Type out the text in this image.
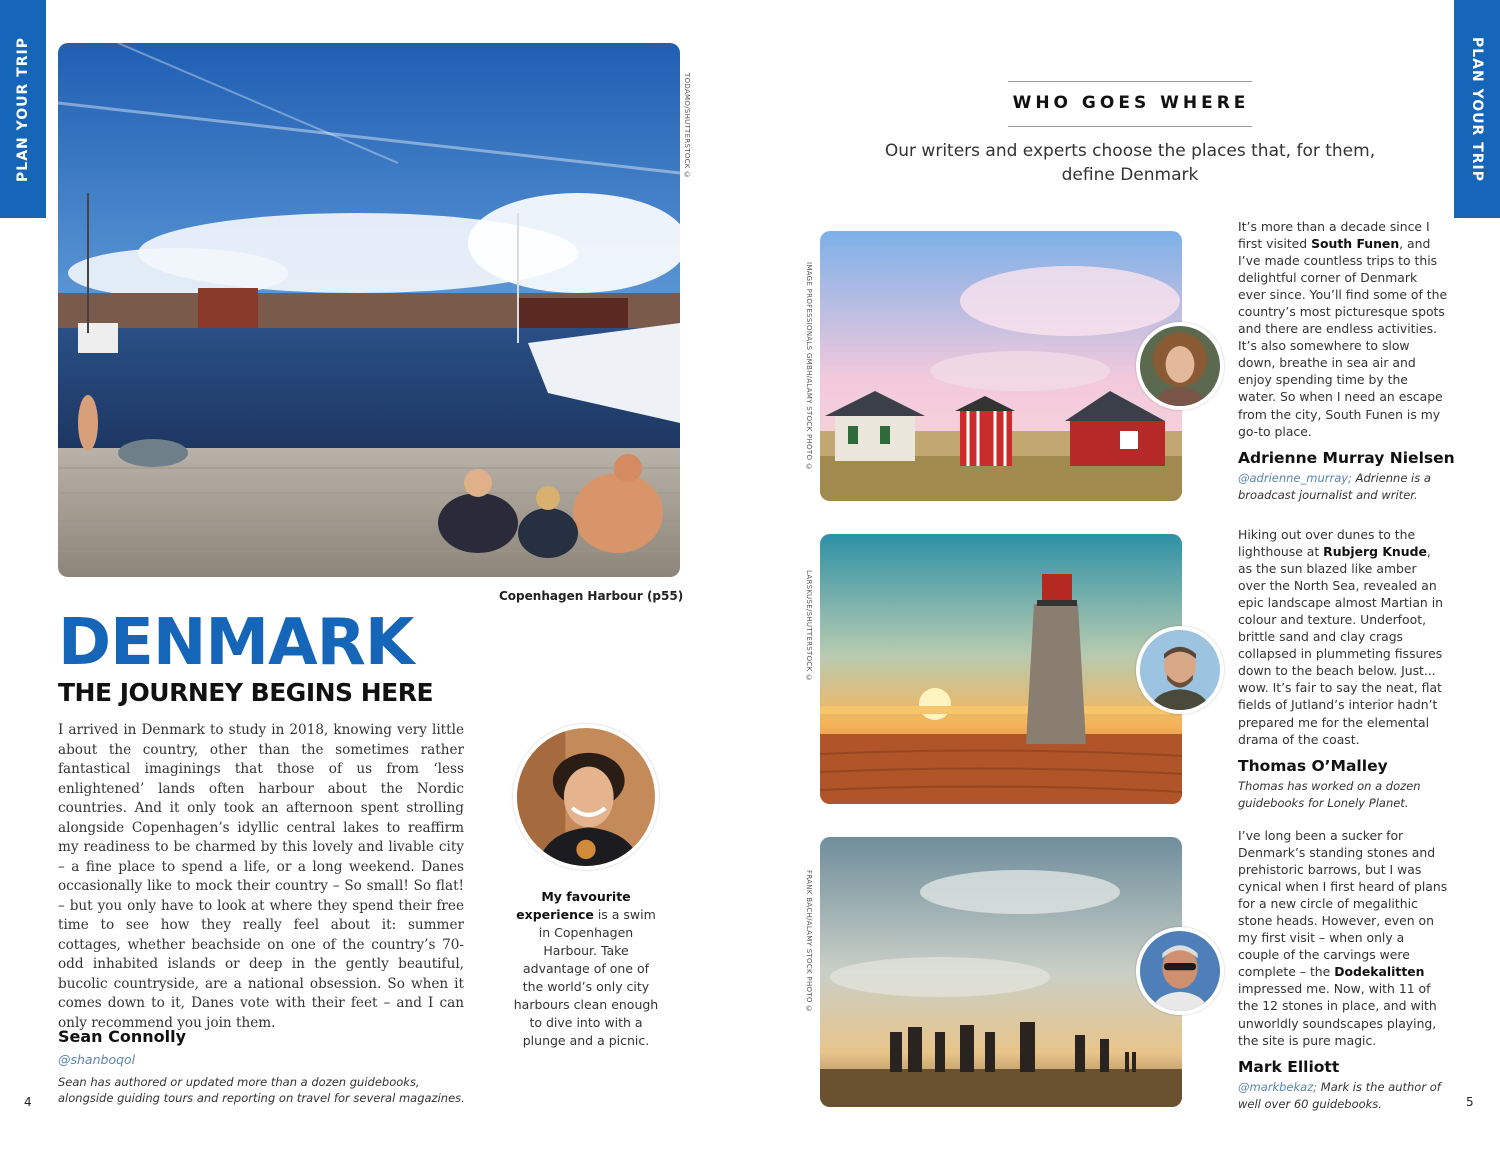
PLAN YOUR TRIP	PLAN YOUR TRIP
TODAMO/SHUTTERSTOCK ©
Copenhagen Harbour (p55)
DENMARK
THE JOURNEY BEGINS HERE
I arrived in Denmark to study in 2018, knowing very little about the country, other than the sometimes rather fantastical imaginings that those of us from ‘less enlightened’ lands often harbour about the Nordic countries. And it only took an afternoon spent strolling alongside Copenhagen’s idyllic central lakes to reaffirm my readiness to be charmed by this lovely and livable city – a fine place to spend a life, or a long weekend. Danes occasionally like to mock their country – So small! So flat! – but you only have to look at where they spend their free time to see how they really feel about it: summer cottages, whether beachside on one of the country’s 70-odd inhabited islands or deep in the gently beautiful, bucolic countryside, are a national obsession. So when it comes down to it, Danes vote with their feet – and I can only recommend you join them.
Sean Connolly
@shanboqol
Sean has authored or updated more than a dozen guidebooks,
alongside guiding tours and reporting on travel for several magazines.
My favourite experience is a swim in Copenhagen Harbour. Take advantage of one of the world’s only city harbours clean enough to dive into with a plunge and a picnic.
4
WHO GOES WHERE
Our writers and experts choose the places that, for them, define Denmark
IMAGE PROFESSIONALS GMBH/ALAMY STOCK PHOTO ©
It’s more than a decade since I first visited South Funen, and I’ve made countless trips to this delightful corner of Denmark ever since. You’ll find some of the country’s most picturesque spots and there are endless activities. It’s also somewhere to slow down, breathe in sea air and enjoy spending time by the water. So when I need an escape from the city, South Funen is my go-to place.
Adrienne Murray Nielsen
@adrienne_murray; Adrienne is a broadcast journalist and writer.
LARSKUSE/SHUTTERSTOCK ©
Hiking out over dunes to the lighthouse at Rubjerg Knude, as the sun blazed like amber over the North Sea, revealed an epic landscape almost Martian in colour and texture. Underfoot, brittle sand and clay crags collapsed in plummeting fissures down to the beach below. Just... wow. It’s fair to say the neat, flat fields of Jutland’s interior hadn’t prepared me for the elemental drama of the coast.
Thomas O’Malley
Thomas has worked on a dozen guidebooks for Lonely Planet.
FRANK BACH/ALAMY STOCK PHOTO ©
I’ve long been a sucker for Denmark’s standing stones and prehistoric barrows, but I was cynical when I first heard of plans for a new circle of megalithic stone heads. However, even on my first visit – when only a couple of the carvings were complete – the Dodekalitten impressed me. Now, with 11 of the 12 stones in place, and with unworldly soundscapes playing, the site is pure magic.
Mark Elliott
@markbekaz; Mark is the author of well over 60 guidebooks.	5
